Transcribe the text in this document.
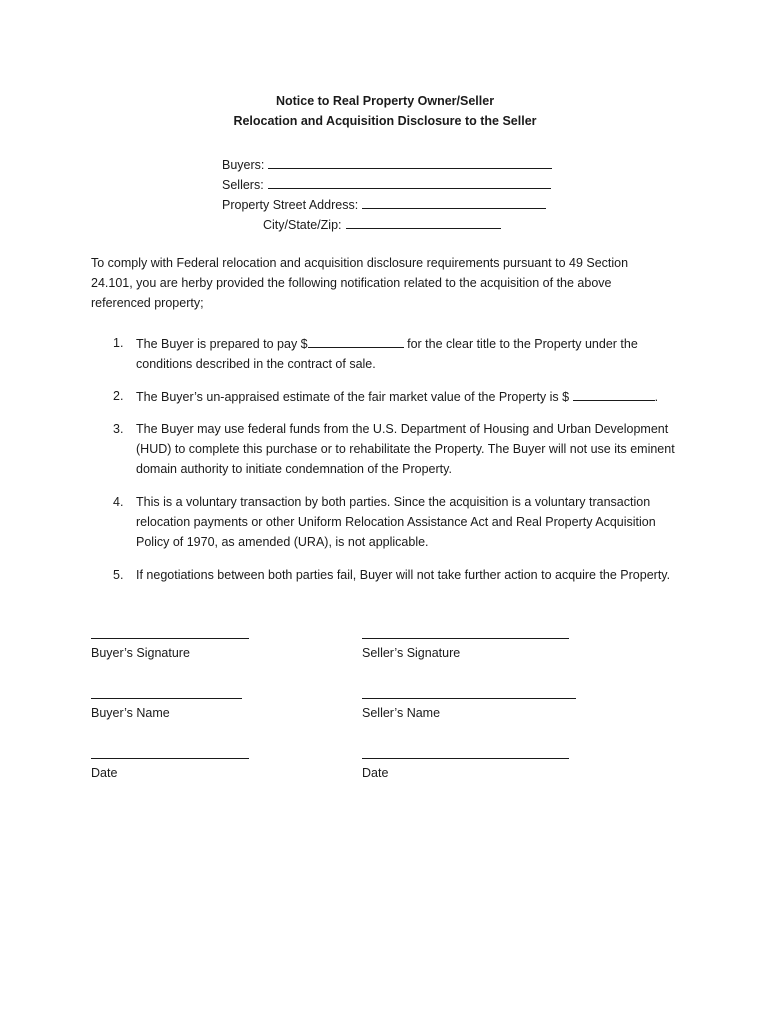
Notice to Real Property Owner/Seller
Relocation and Acquisition Disclosure to the Seller
Buyers:
Sellers:
Property Street Address:
City/State/Zip:

To comply with Federal relocation and acquisition disclosure requirements pursuant to 49 Section 24.101, you are herby provided the following notification related to the acquisition of the above referenced property;

1. The Buyer is prepared to pay $	for the clear title to the Property under the conditions described in the contract of sale.
2. The Buyer’s un-appraised estimate of the fair market value of the Property is $	.
3. The Buyer may use federal funds from the U.S. Department of Housing and Urban Development (HUD) to complete this purchase or to rehabilitate the Property. The Buyer will not use its eminent domain authority to initiate condemnation of the Property.
4. This is a voluntary transaction by both parties. Since the acquisition is a voluntary transaction relocation payments or other Uniform Relocation Assistance Act and Real Property Acquisition Policy of 1970, as amended (URA), is not applicable.
5. If negotiations between both parties fail, Buyer will not take further action to acquire the Property.
Buyer’s Signature	Seller’s Signature
Buyer’s Name	Seller’s Name
Date	Date
